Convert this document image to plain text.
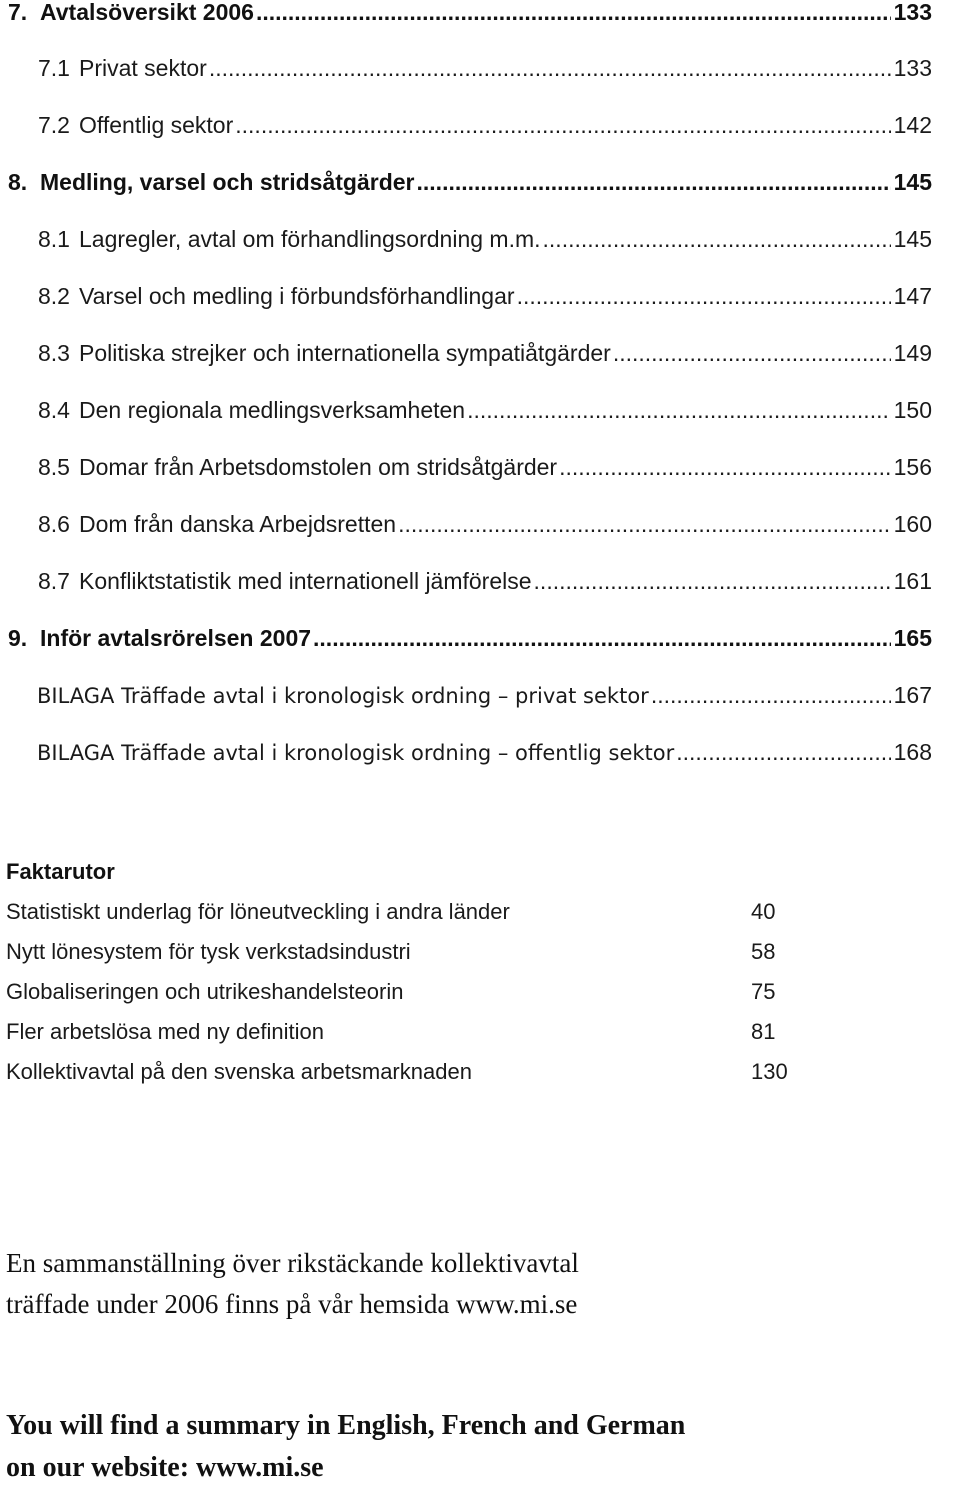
7. Avtalsöversikt 2006 .....	133
7.1 Privat sektor .....	133
7.2 Offentlig sektor .....	142
8. Medling, varsel och stridsåtgärder .....	145
8.1 Lagregler, avtal om förhandlingsordning m.m. .....	145
8.2 Varsel och medling i förbundsförhandlingar .....	147
8.3 Politiska strejker och internationella sympatiåtgärder .....	149
8.4 Den regionala medlingsverksamheten .....	150
8.5 Domar från Arbetsdomstolen om stridsåtgärder .....	156
8.6 Dom från danska Arbejdsretten .....	160
8.7 Konfliktstatistik med internationell jämförelse .....	161
9. Inför avtalsrörelsen 2007 .....	165
BILAGA Träffade avtal i kronologisk ordning – privat sektor .....	167
BILAGA Träffade avtal i kronologisk ordning – offentlig sektor .....	168
Faktarutor
Statistiskt underlag för löneutveckling i andra länder	40
Nytt lönesystem för tysk verkstadsindustri	58
Globaliseringen och utrikeshandelsteorin	75
Fler arbetslösa med ny definition	81
Kollektivavtal på den svenska arbetsmarknaden	130
En sammanställning över rikstäckande kollektivavtal
träffade under 2006 finns på vår hemsida www.mi.se
You will find a summary in English, French and German
on our website: www.mi.se
